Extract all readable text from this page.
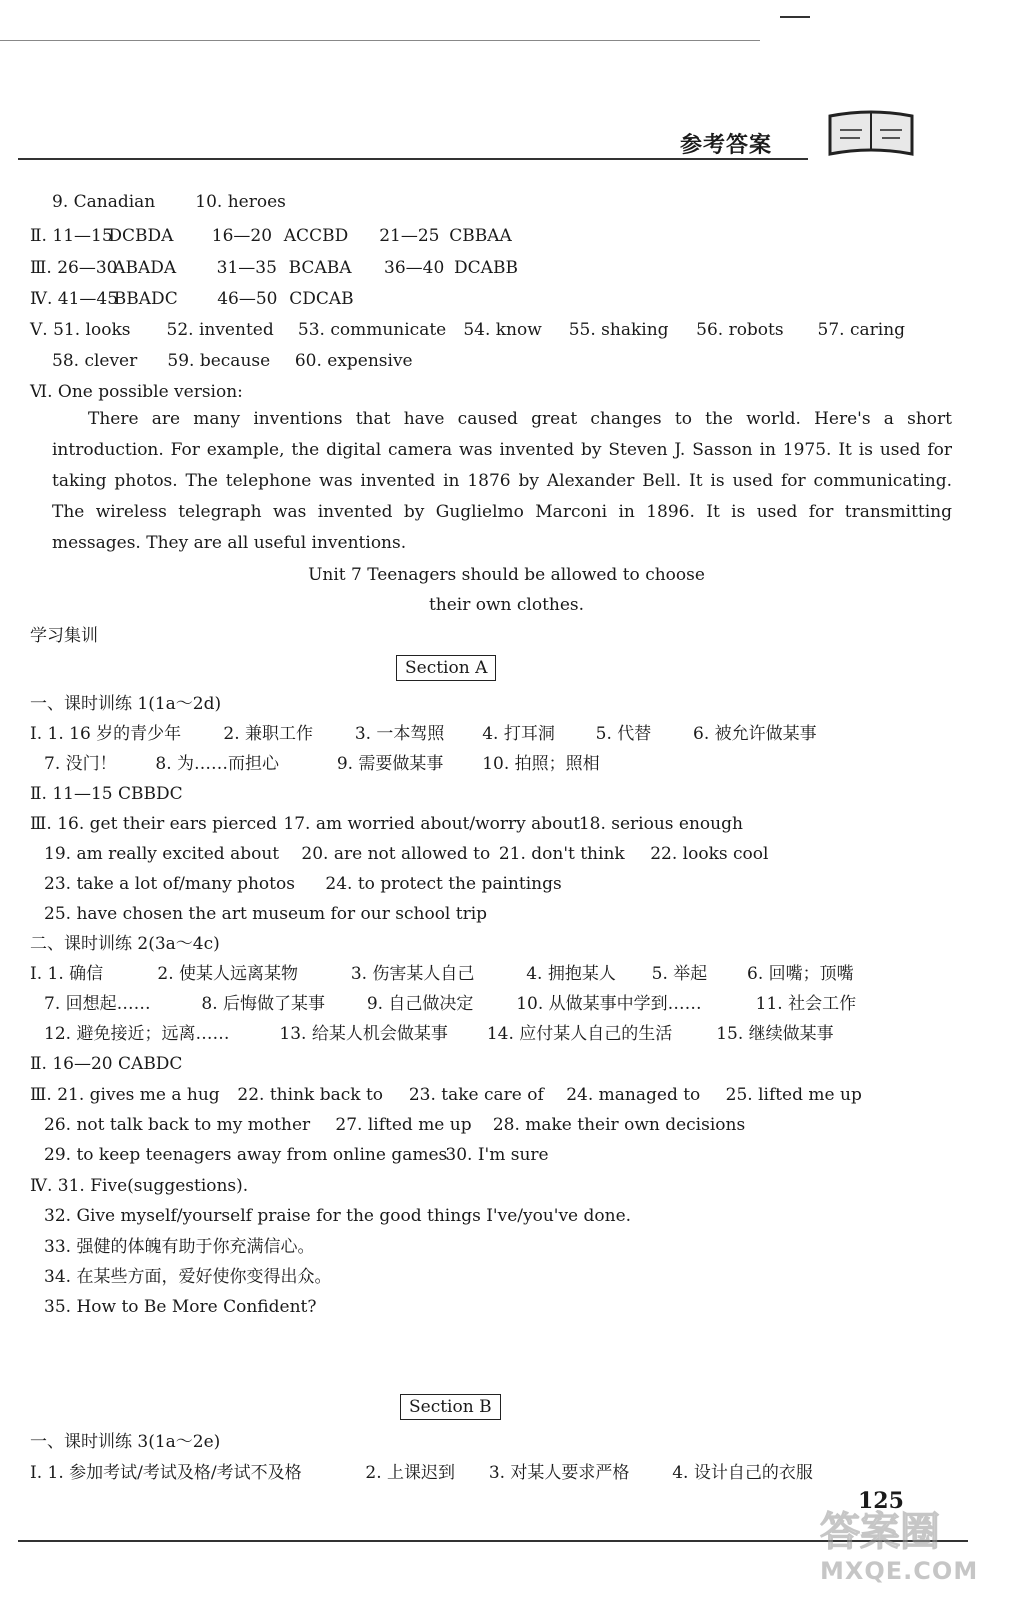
参考答案
9. Canadian 10. heroes
Ⅱ. 11—15DCBDA 16—20 ACCBD 21—25 CBBAA
Ⅲ. 26—30ABADA 31—35 BCABA 36—40 DCABB
Ⅳ. 41—45BBADC 46—50 CDCAB
Ⅴ. 51. looks 52. invented 53. communicate 54. know 55. shaking 56. robots 57. caring
58. clever 59. because 60. expensive
Ⅵ. One possible version:
There are many inventions that have caused great changes to the world. Here's a short introduction. For example, the digital camera was invented by Steven J. Sasson in 1975. It is used for taking photos. The telephone was invented in 1876 by Alexander Bell. It is used for communicating. The wireless telegraph was invented by Guglielmo Marconi in 1896. It is used for transmitting messages. They are all useful inventions.
Unit 7 Teenagers should be allowed to choose
their own clothes.
学习集训
Section A
一、课时训练 1(1a～2d)
Ⅰ. 1. 16 岁的青少年 2. 兼职工作 3. 一本驾照 4. 打耳洞 5. 代替 6. 被允许做某事
7. 没门！ 8. 为……而担心	9. 需要做某事 10. 拍照；照相
Ⅱ. 11—15 CBBDC
Ⅲ. 16. get their ears pierced 17. am worried about/worry about 18. serious enough
19. am really excited about 20. are not allowed to 21. don't think 22. looks cool
23. take a lot of/many photos 24. to protect the paintings
25. have chosen the art museum for our school trip
二、课时训练 2(3a～4c)
Ⅰ. 1. 确信	2. 使某人远离某物	3. 伤害某人自己	4. 拥抱某人 5. 举起 6. 回嘴；顶嘴
7. 回想起……	8. 后悔做了某事 9. 自己做决定	10. 从做某事中学到……	11. 社会工作
12. 避免接近；远离……	13. 给某人机会做某事 14. 应付某人自己的生活	15. 继续做某事
Ⅱ. 16—20 CABDC
Ⅲ. 21. gives me a hug 22. think back to 23. take care of 24. managed to 25. lifted me up
26. not talk back to my mother 27. lifted me up 28. make their own decisions
29. to keep teenagers away from online games 30. I'm sure
Ⅳ. 31. Five(suggestions).
32. Give myself/yourself praise for the good things I've/you've done.
33. 强健的体魄有助于你充满信心。
34. 在某些方面，爱好使你变得出众。
35. How to Be More Confident?
Section B
一、课时训练 3(1a～2e)
Ⅰ. 1. 参加考试/考试及格/考试不及格	2. 上课迟到 3. 对某人要求严格	4. 设计自己的衣服
125
答案圈
MXQE.COM
